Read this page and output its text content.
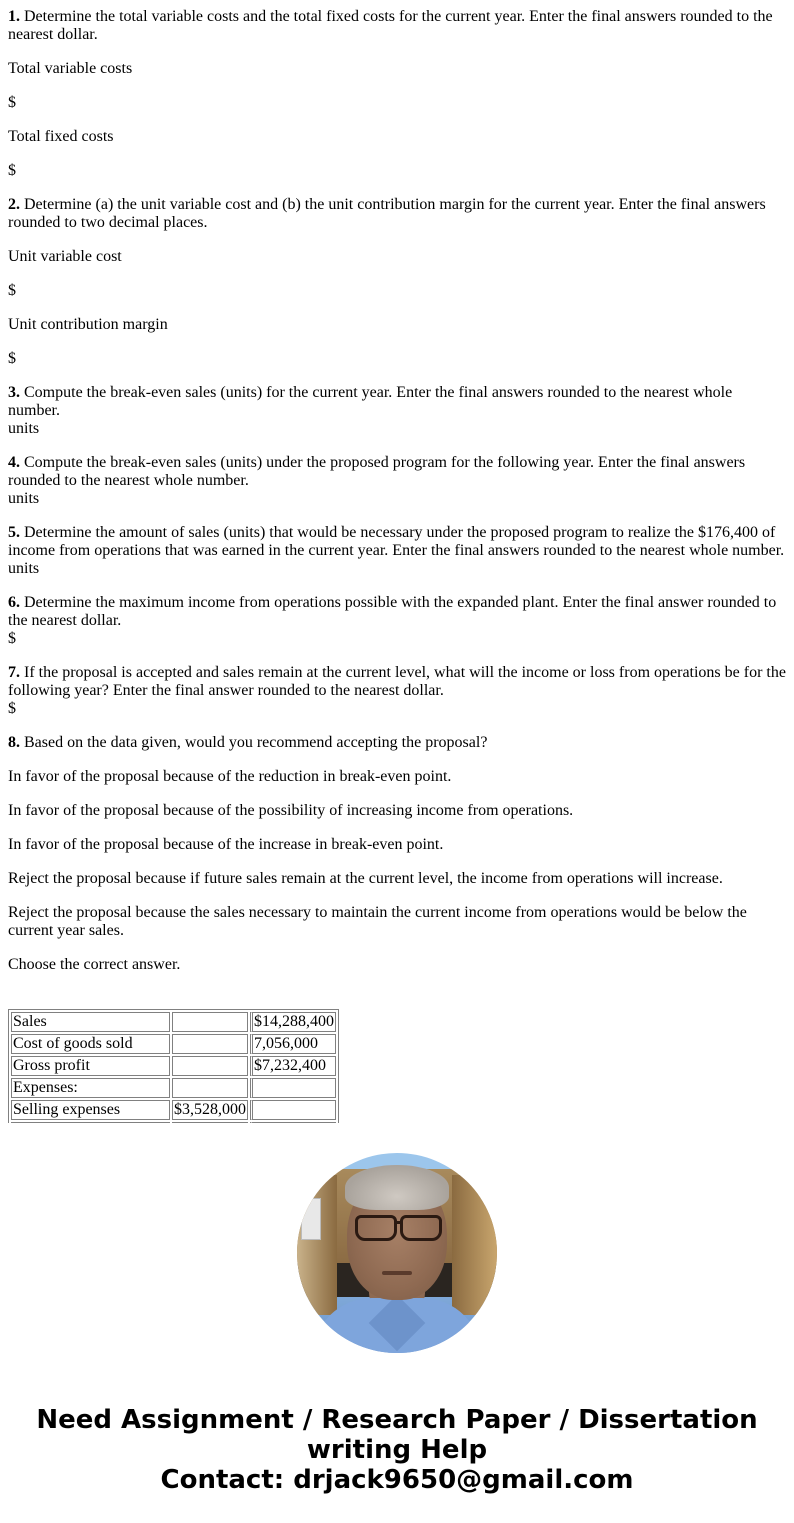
1. Determine the total variable costs and the total fixed costs for the current year. Enter the final answers rounded to the nearest dollar.

Total variable costs

$

Total fixed costs

$

2. Determine (a) the unit variable cost and (b) the unit contribution margin for the current year. Enter the final answers rounded to two decimal places.

Unit variable cost

$

Unit contribution margin

$

3. Compute the break-even sales (units) for the current year. Enter the final answers rounded to the nearest whole number.
units
4. Compute the break-even sales (units) under the proposed program for the following year. Enter the final answers rounded to the nearest whole number.
units
5. Determine the amount of sales (units) that would be necessary under the proposed program to realize the $176,400 of income from operations that was earned in the current year. Enter the final answers rounded to the nearest whole number.
units
6. Determine the maximum income from operations possible with the expanded plant. Enter the final answer rounded to the nearest dollar.
$
7. If the proposal is accepted and sales remain at the current level, what will the income or loss from operations be for the following year? Enter the final answer rounded to the nearest dollar.
$

8. Based on the data given, would you recommend accepting the proposal?

In favor of the proposal because of the reduction in break-even point.

In favor of the proposal because of the possibility of increasing income from operations.

In favor of the proposal because of the increase in break-even point.

Reject the proposal because if future sales remain at the current level, the income from operations will increase.

Reject the proposal because the sales necessary to maintain the current income from operations would be below the current year sales.

Choose the correct answer.

Sales		$14,288,400
Cost of goods sold		7,056,000
Gross profit		$7,232,400
Expenses:		
Selling expenses	$3,528,000	

Need Assignment / Research Paper / Dissertation
writing Help
Contact: drjack9650@gmail.com
